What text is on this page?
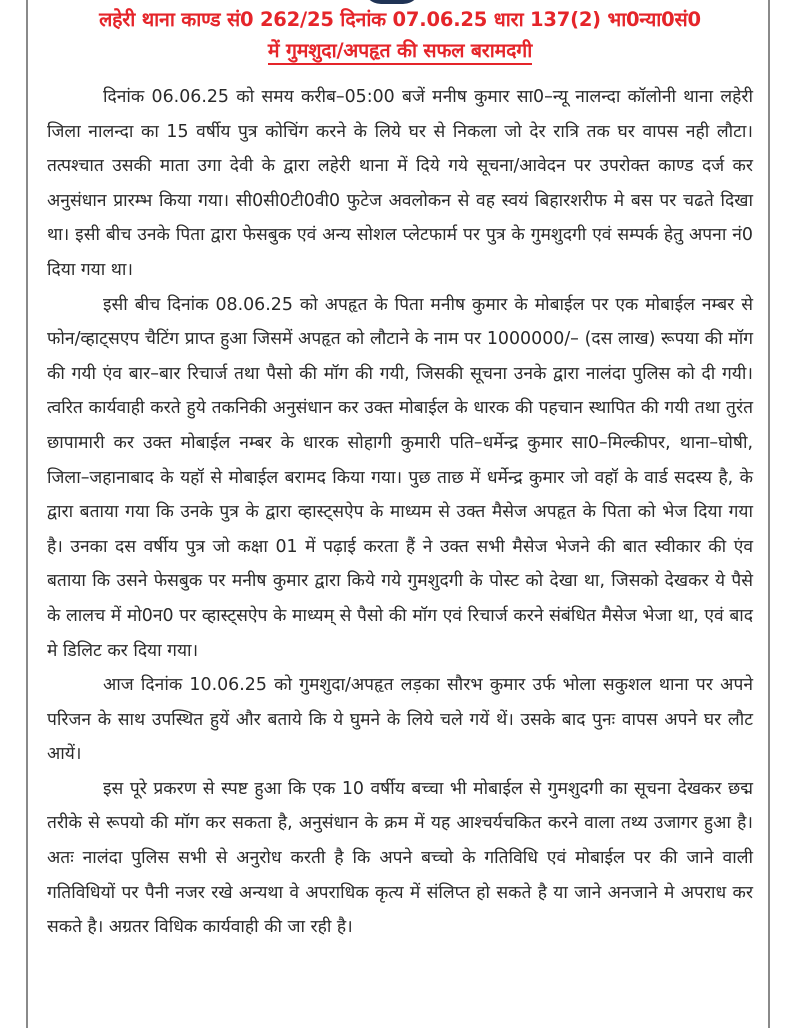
लहेरी थाना काण्ड सं0 262/25 दिनांक 07.06.25 धारा 137(2) भा0न्या0सं0
में गुमशुदा/अपहृत की सफल बरामदगी

दिनांक 06.06.25 को समय करीब–05:00 बजें मनीष कुमार सा0–न्यू नालन्दा कॉलोनी थाना लहेरी जिला नालन्दा का 15 वर्षीय पुत्र कोचिंग करने के लिये घर से निकला जो देर रात्रि तक घर वापस नही लौटा। तत्पश्चात उसकी माता उगा देवी के द्वारा लहेरी थाना में दिये गये सूचना/आवेदन पर उपरोक्त काण्ड दर्ज कर अनुसंधान प्रारम्भ किया गया। सी0सी0टी0वी0 फुटेज अवलोकन से वह स्वयं बिहारशरीफ मे बस पर चढते दिखा था। इसी बीच उनके पिता द्वारा फेसबुक एवं अन्य सोशल प्लेटफार्म पर पुत्र के गुमशुदगी एवं सम्पर्क हेतु अपना नं0 दिया गया था।

इसी बीच दिनांक 08.06.25 को अपहृत के पिता मनीष कुमार के मोबाईल पर एक मोबाईल नम्बर से फोन/व्हाट्सएप चैटिंग प्राप्त हुआ जिसमें अपहृत को लौटाने के नाम पर 1000000/– (दस लाख) रूपया की मॉग की गयी एंव बार–बार रिचार्ज तथा पैसो की मॉग की गयी, जिसकी सूचना उनके द्वारा नालंदा पुलिस को दी गयी। त्वरित कार्यवाही करते हुये तकनिकी अनुसंधान कर उक्त मोबाईल के धारक की पहचान स्थापित की गयी तथा तुरंत छापामारी कर उक्त मोबाईल नम्बर के धारक सोहागी कुमारी पति–धर्मेन्द्र कुमार सा0–मिल्कीपर, थाना–घोषी, जिला–जहानाबाद के यहॉ से मोबाईल बरामद किया गया। पुछ ताछ में धर्मेन्द्र कुमार जो वहॉ के वार्ड सदस्य है, के द्वारा बताया गया कि उनके पुत्र के द्वारा व्हास्ट्सऐप के माध्यम से उक्त मैसेज अपहृत के पिता को भेज दिया गया है। उनका दस वर्षीय पुत्र जो कक्षा 01 में पढ़ाई करता हैं ने उक्त सभी मैसेज भेजने की बात स्वीकार की एंव बताया कि उसने फेसबुक पर मनीष कुमार द्वारा किये गये गुमशुदगी के पोस्ट को देखा था, जिसको देखकर ये पैसे के लालच में मो0न0 पर व्हास्ट्सऐप के माध्यम् से पैसो की मॉग एवं रिचार्ज करने संबंधित मैसेज भेजा था, एवं बाद मे डिलिट कर दिया गया।

आज दिनांक 10.06.25 को गुमशुदा/अपहृत लड़का सौरभ कुमार उर्फ भोला सकुशल थाना पर अपने परिजन के साथ उपस्थित हुयें और बताये कि ये घुमने के लिये चले गयें थें। उसके बाद पुनः वापस अपने घर लौट आयें।

इस पूरे प्रकरण से स्पष्ट हुआ कि एक 10 वर्षीय बच्चा भी मोबाईल से गुमशुदगी का सूचना देखकर छद्म तरीके से रूपयो की मॉग कर सकता है, अनुसंधान के क्रम में यह आश्चर्यचकित करने वाला तथ्य उजागर हुआ है। अतः नालंदा पुलिस सभी से अनुरोध करती है कि अपने बच्चो के गतिविधि एवं मोबाईल पर की जाने वाली गतिविधियों पर पैनी नजर रखे अन्यथा वे अपराधिक कृत्य में संलिप्त हो सकते है या जाने अनजाने मे अपराध कर सकते है। अग्रतर विधिक कार्यवाही की जा रही है।
